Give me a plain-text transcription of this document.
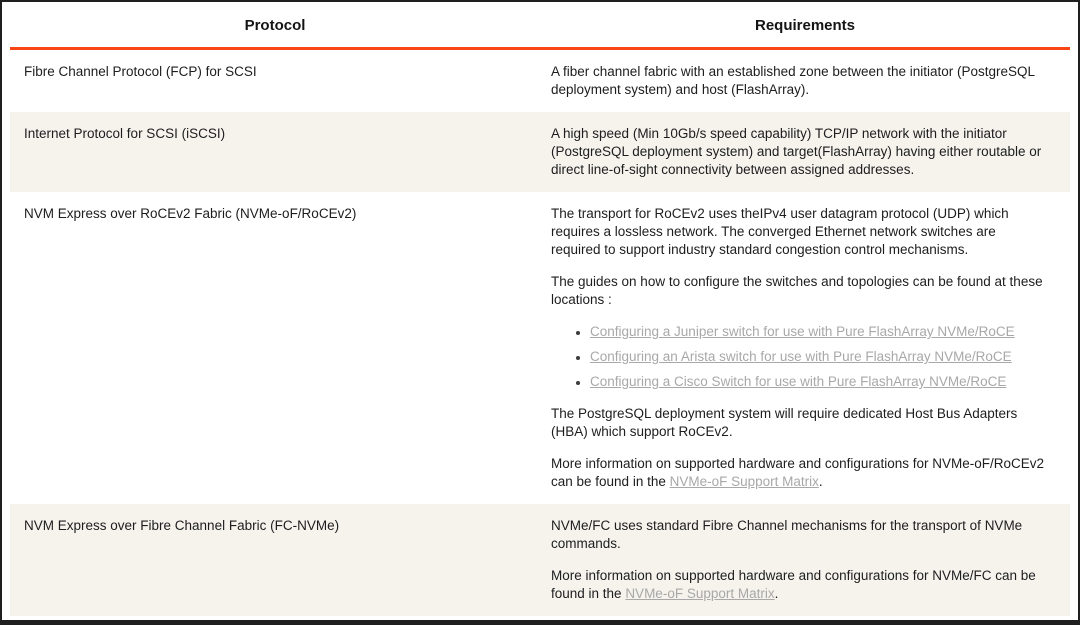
Protocol	Requirements
Fibre Channel Protocol (FCP) for SCSI	A fiber channel fabric with an established zone between the initiator (PostgreSQL deployment system) and host (FlashArray).

Internet Protocol for SCSI (iSCSI)	A high speed (Min 10Gb/s speed capability) TCP/IP network with the initiator (PostgreSQL deployment system) and target(FlashArray) having either routable or direct line-of-sight connectivity between assigned addresses.

NVM Express over RoCEv2 Fabric (NVMe-oF/RoCEv2)	The transport for RoCEv2 uses theIPv4 user datagram protocol (UDP) which requires a lossless network. The converged Ethernet network switches are required to support industry standard congestion control mechanisms.

The guides on how to configure the switches and topologies can be found at these locations :

• Configuring a Juniper switch for use with Pure FlashArray NVMe/RoCE
• Configuring an Arista switch for use with Pure FlashArray NVMe/RoCE
• Configuring a Cisco Switch for use with Pure FlashArray NVMe/RoCE

The PostgreSQL deployment system will require dedicated Host Bus Adapters (HBA) which support RoCEv2.

More information on supported hardware and configurations for NVMe-oF/RoCEv2 can be found in the NVMe-oF Support Matrix.

NVM Express over Fibre Channel Fabric (FC-NVMe)	NVMe/FC uses standard Fibre Channel mechanisms for the transport of NVMe commands.

More information on supported hardware and configurations for NVMe/FC can be found in the NVMe-oF Support Matrix.
